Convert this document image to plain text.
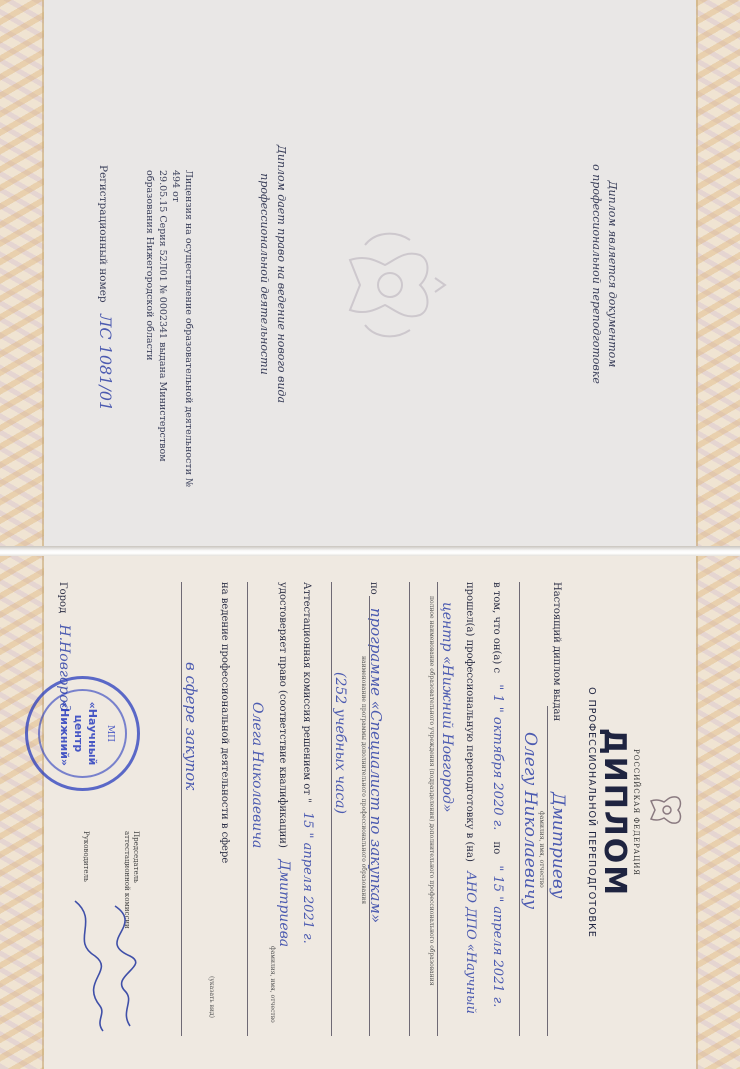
Диплом является документом
о профессиональной переподготовке
Диплом дает право на ведение нового вида
профессиональной деятельности
Лицензия на осуществление образовательной деятельности № 494 от
29.05.15 Серия 52Л01 № 0002341 выдана Министерством
образования Нижегородской области
Регистрационный номер ЛС 1081/01
РОССИЙСКАЯ ФЕДЕРАЦИЯ
ДИПЛОМ
О ПРОФЕССИОНАЛЬНОЙ ПЕРЕПОДГОТОВКЕ
Настоящий диплом выдан
Дмитриеву
фамилия, имя, отчество
Олегу Николаевичу
в том, что он(а) с " 1 " октября 2020 г. по " 15 " апреля 2021 г.
прошел(а) профессиональную переподготовку в (на) АНО ДПО «Научный
центр «Нижний Новгород»
полное наименование образовательного учреждения (подразделения) дополнительного профессионального образования
по программе «Специалист по закупкам»
наименование программы дополнительного профессионального образования
(252 учебных часа)
Аттестационная комиссия решением от " 15 " апреля 2021 г.
удостоверяет право (соответствие квалификации) Дмитриева
фамилия, имя, отчество
Олега Николаевича
на ведение профессиональной деятельности в сфере
(указать вид)
в сфере закупок
Председатель
аттестационной комиссии
Руководитель
Город Н.Новгород
МП
«Научный
центр
«Нижний»
